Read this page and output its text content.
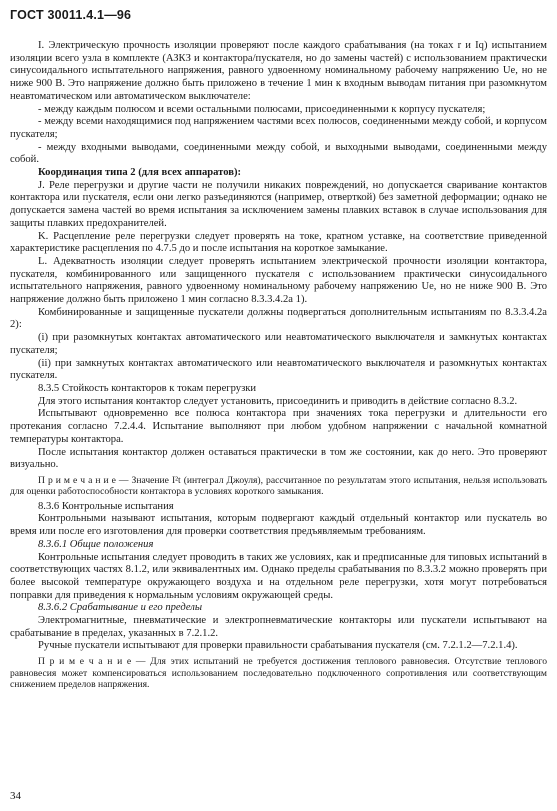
ГОСТ 30011.4.1—96

I. Электрическую прочность изоляции проверяют после каждого срабатывания (на токах r и Iq) испытанием изоляции всего узла в комплекте (АЗКЗ и контактора/пускателя, но до замены частей) с использованием практически синусоидального испытательного напряжения, равного удвоенному номинальному рабочему напряжению Ue, но не ниже 900 В. Это напряжение должно быть приложено в течение 1 мин к входным выводам питания при разомкнутом неавтоматическом или автоматическом выключателе:

- между каждым полюсом и всеми остальными полюсами, присоединенными к корпусу пускателя;

- между всеми находящимися под напряжением частями всех полюсов, соединенными между собой, и корпусом пускателя;

- между входными выводами, соединенными между собой, и выходными выводами, соединенными между собой.

Координация типа 2 (для всех аппаратов):

J. Реле перегрузки и другие части не получили никаких повреждений, но допускается сваривание контактов контактора или пускателя, если они легко разъединяются (например, отверткой) без заметной деформации; однако не допускается замена частей во время испытания за исключением замены плавких вставок в случае использования для защиты плавких предохранителей.

K. Расцепление реле перегрузки следует проверять на токе, кратном уставке, на соответствие приведенной характеристике расцепления по 4.7.5 до и после испытания на короткое замыкание.

L. Адекватность изоляции следует проверять испытанием электрической прочности изоляции контактора, пускателя, комбинированного или защищенного пускателя с использованием практически синусоидального испытательного напряжения, равного удвоенному номинальному рабочему напряжению Ue, но не ниже 900 В. Это напряжение должно быть приложено 1 мин согласно 8.3.3.4.2а 1).

Комбинированные и защищенные пускатели должны подвергаться дополнительным испытаниям по 8.3.3.4.2а 2):

(i) при разомкнутых контактах автоматического или неавтоматического выключателя и замкнутых контактах пускателя;

(ii) при замкнутых контактах автоматического или неавтоматического выключателя и разомкнутых контактах пускателя.

8.3.5 Стойкость контакторов к токам перегрузки

Для этого испытания контактор следует установить, присоединить и приводить в действие согласно 8.3.2.

Испытывают одновременно все полюса контактора при значениях тока перегрузки и длительности его протекания согласно 7.2.4.4. Испытание выполняют при любом удобном напряжении с начальной комнатной температуры контактора.

После испытания контактор должен оставаться практически в том же состоянии, как до него. Это проверяют визуально.

П р и м е ч а н и е — Значение I²t (интеграл Джоуля), рассчитанное по результатам этого испытания, нельзя использовать для оценки работоспособности контактора в условиях короткого замыкания.

8.3.6 Контрольные испытания

Контрольными называют испытания, которым подвергают каждый отдельный контактор или пускатель во время или после его изготовления для проверки соответствия предъявляемым требованиям.

8.3.6.1 Общие положения

Контрольные испытания следует проводить в таких же условиях, как и предписанные для типовых испытаний в соответствующих частях 8.1.2, или эквивалентных им. Однако пределы срабатывания по 8.3.3.2 можно проверять при более высокой температуре окружающего воздуха и на отдельном реле перегрузки, хотя могут потребоваться поправки для приведения к нормальным условиям окружающей среды.

8.3.6.2 Срабатывание и его пределы

Электромагнитные, пневматические и электропневматические контакторы или пускатели испытывают на срабатывание в пределах, указанных в 7.2.1.2.

Ручные пускатели испытывают для проверки правильности срабатывания пускателя (см. 7.2.1.2—7.2.1.4).

П р и м е ч а н и е — Для этих испытаний не требуется достижения теплового равновесия. Отсутствие теплового равновесия может компенсироваться использованием последовательно подключенного сопротивления или соответствующим снижением пределов напряжения.

34
